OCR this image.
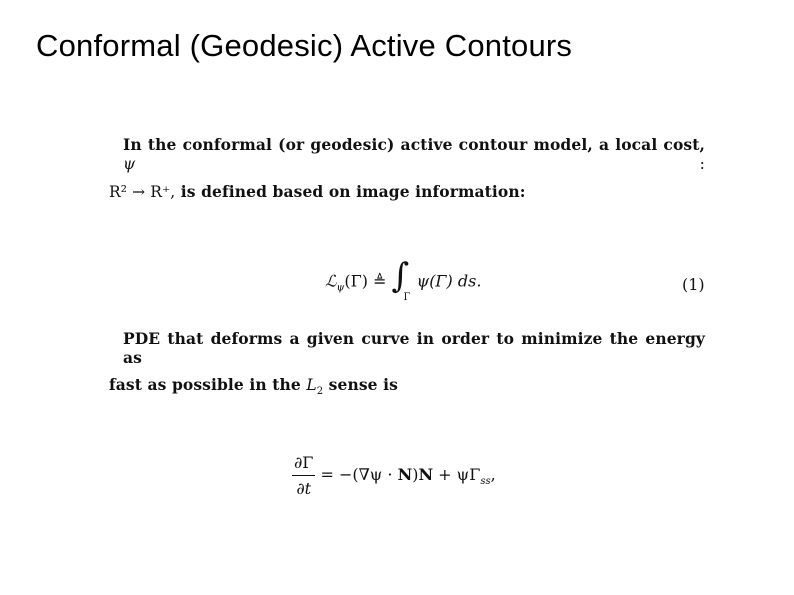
Conformal (Geodesic) Active Contours
In the conformal (or geodesic) active contour model, a local cost, ψ	:
R² → R⁺, is defined based on image information:
ℒ$_\psi$(Γ) ≜ ∫
Γ
ψ(Γ) ds.	(1)
PDE that deforms a given curve in order to minimize the energy as
fast as possible in the $L_2$ sense is
$\frac{\partial\Gamma}{\partial t} = -(\nabla\psi \cdot N)N + \psi\Gamma_{ss}$,
